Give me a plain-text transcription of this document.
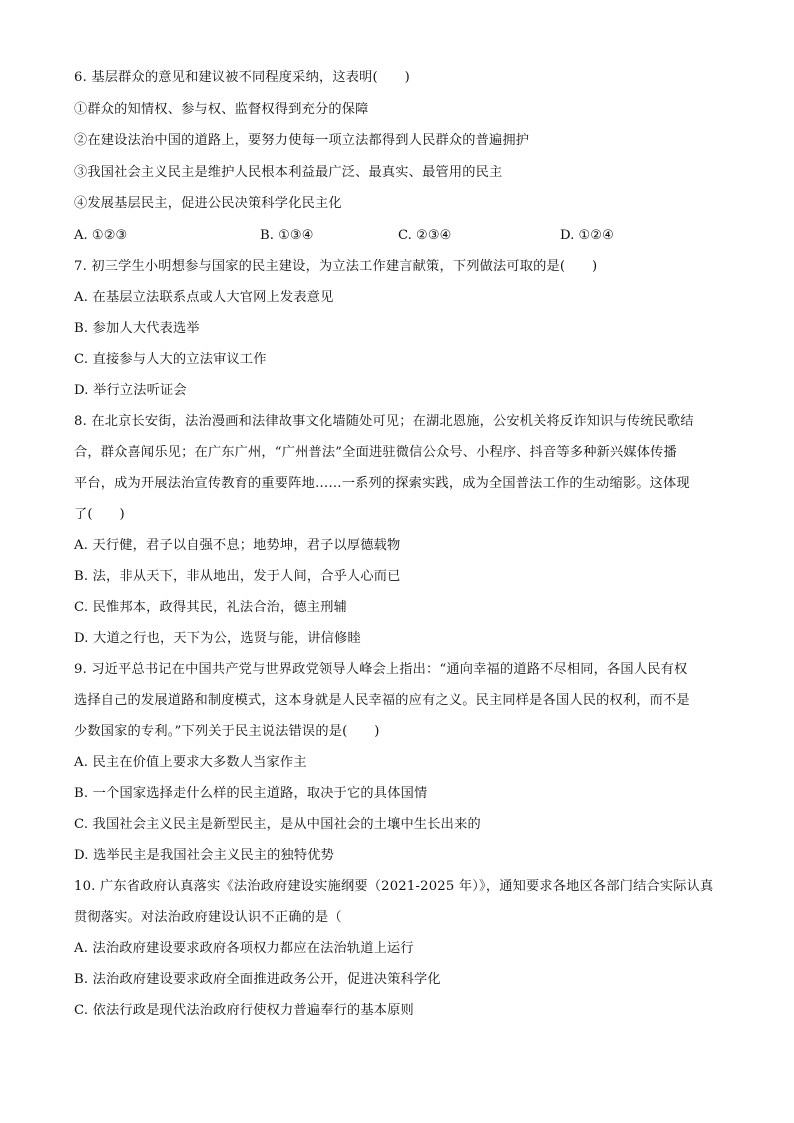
6. 基层群众的意见和建议被不同程度采纳，这表明(　　)
①群众的知情权、参与权、监督权得到充分的保障
②在建设法治中国的道路上，要努力使每一项立法都得到人民群众的普遍拥护
③我国社会主义民主是维护人民根本利益最广泛、最真实、最管用的民主
④发展基层民主，促进公民决策科学化民主化
A. ①②③	B. ①③④	C. ②③④	D. ①②④
7. 初三学生小明想参与国家的民主建设，为立法工作建言献策，下列做法可取的是(　　)
A. 在基层立法联系点或人大官网上发表意见
B. 参加人大代表选举
C. 直接参与人大的立法审议工作
D. 举行立法听证会
8. 在北京长安街，法治漫画和法律故事文化墙随处可见；在湖北恩施，公安机关将反诈知识与传统民歌结
合，群众喜闻乐见；在广东广州，“广州普法”全面进驻微信公众号、小程序、抖音等多种新兴媒体传播
平台，成为开展法治宣传教育的重要阵地……一系列的探索实践，成为全国普法工作的生动缩影。这体现
了(　　)
A. 天行健，君子以自强不息；地势坤，君子以厚德载物
B. 法，非从天下，非从地出，发于人间，合乎人心而已
C. 民惟邦本，政得其民，礼法合治，德主刑辅
D. 大道之行也，天下为公，选贤与能，讲信修睦
9. 习近平总书记在中国共产党与世界政党领导人峰会上指出：“通向幸福的道路不尽相同，各国人民有权
选择自己的发展道路和制度模式，这本身就是人民幸福的应有之义。民主同样是各国人民的权利，而不是
少数国家的专利。”下列关于民主说法错误的是(　　)
A. 民主在价值上要求大多数人当家作主
B. 一个国家选择走什么样的民主道路，取决于它的具体国情
C. 我国社会主义民主是新型民主，是从中国社会的土壤中生长出来的
D. 选举民主是我国社会主义民主的独特优势
10. 广东省政府认真落实《法治政府建设实施纲要（2021-2025 年）》，通知要求各地区各部门结合实际认真
贯彻落实。对法治政府建设认识不正确的是（
A. 法治政府建设要求政府各项权力都应在法治轨道上运行
B. 法治政府建设要求政府全面推进政务公开，促进决策科学化
C. 依法行政是现代法治政府行使权力普遍奉行的基本原则
